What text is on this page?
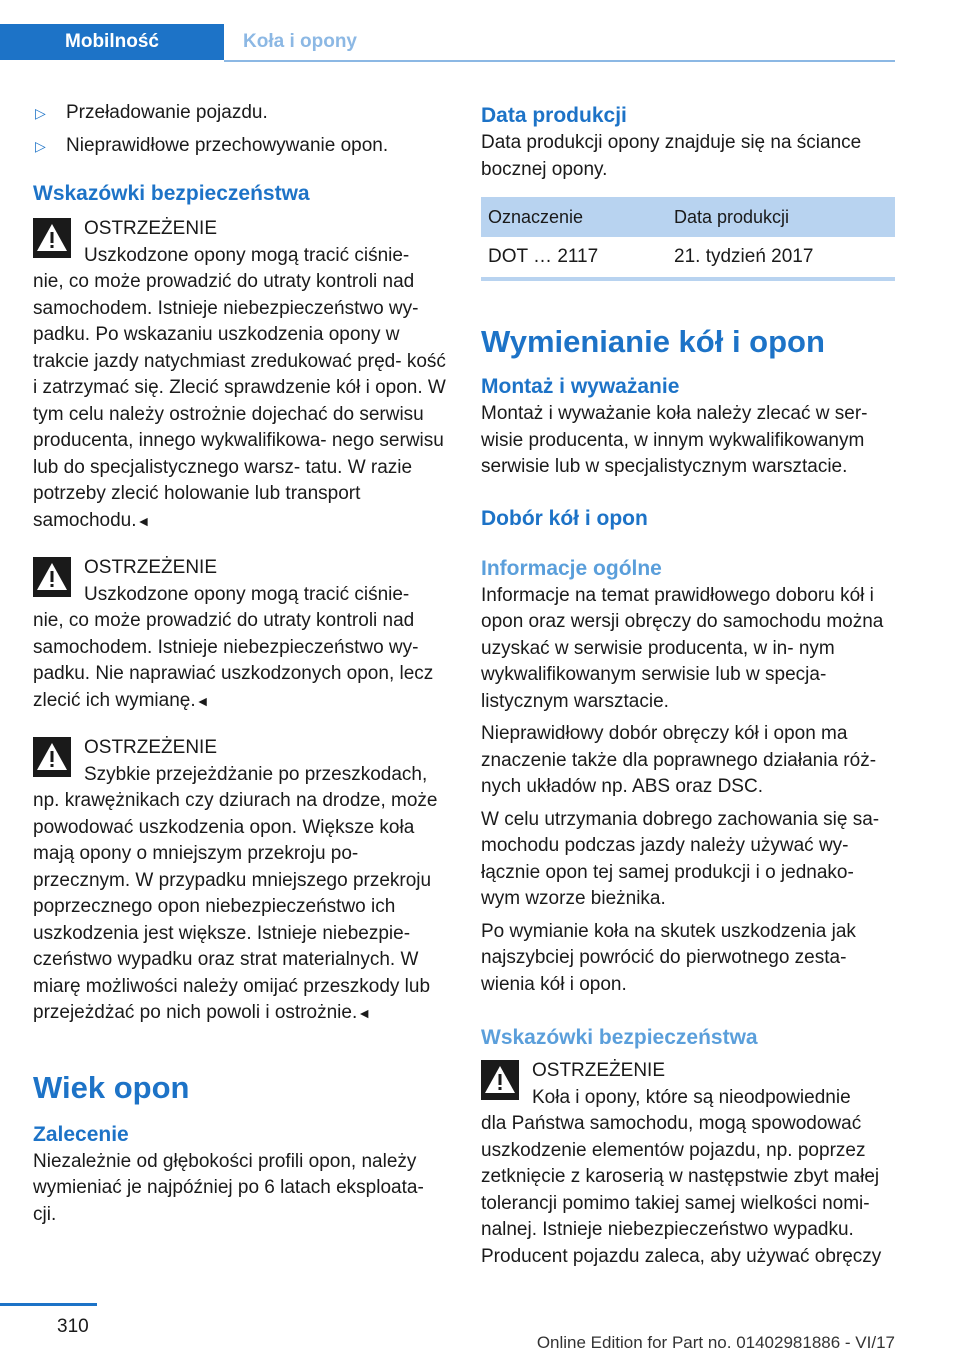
Mobilność	Koła i opony
▷ Przeładowanie pojazdu.
▷ Nieprawidłowe przechowywanie opon.
Wskazówki bezpieczeństwa
OSTRZEŻENIE

Uszkodzone opony mogą tracić ciśnie-

nie, co może prowadzić do utraty kontroli nad samochodem. Istnieje niebezpieczeństwo wy- padku. Po wskazaniu uszkodzenia opony w trakcie jazdy natychmiast zredukować pręd- kość i zatrzymać się. Zlecić sprawdzenie kół i opon. W tym celu należy ostrożnie dojechać do serwisu producenta, innego wykwalifikowa- nego serwisu lub do specjalistycznego warsz- tatu. W razie potrzeby zlecić holowanie lub transport samochodu.◄

OSTRZEŻENIE

Uszkodzone opony mogą tracić ciśnie-

nie, co może prowadzić do utraty kontroli nad samochodem. Istnieje niebezpieczeństwo wy- padku. Nie naprawiać uszkodzonych opon, lecz zlecić ich wymianę.◄

OSTRZEŻENIE

Szybkie przejeżdżanie po przeszkodach,

np. krawężnikach czy dziurach na drodze, może powodować uszkodzenia opon. Większe koła mają opony o mniejszym przekroju po- przecznym. W przypadku mniejszego przekroju poprzecznego opon niebezpieczeństwo ich uszkodzenia jest większe. Istnieje niebezpie- czeństwo wypadku oraz strat materialnych. W miarę możliwości należy omijać przeszkody lub przejeżdżać po nich powoli i ostrożnie.◄

Wiek opon
Zalecenie

Niezależnie od głębokości profili opon, należy wymieniać je najpóźniej po 6 latach eksploata- cji.

Data produkcji

Data produkcji opony znajduje się na ściance bocznej opony.

Oznaczenie	Data produkcji
DOT … 2117	21. tydzień 2017
Wymienianie kół i opon
Montaż i wyważanie

Montaż i wyważanie koła należy zlecać w ser- wisie producenta, w innym wykwalifikowanym serwisie lub w specjalistycznym warsztacie.

Dobór kół i opon
Informacje ogólne

Informacje na temat prawidłowego doboru kół i opon oraz wersji obręczy do samochodu można uzyskać w serwisie producenta, w in- nym wykwalifikowanym serwisie lub w specja- listycznym warsztacie.

Nieprawidłowy dobór obręczy kół i opon ma znaczenie także dla poprawnego działania róż- nych układów np. ABS oraz DSC.

W celu utrzymania dobrego zachowania się sa- mochodu podczas jazdy należy używać wy- łącznie opon tej samej produkcji i o jednako- wym wzorze bieżnika.

Po wymianie koła na skutek uszkodzenia jak najszybciej powrócić do pierwotnego zesta- wienia kół i opon.

Wskazówki bezpieczeństwa
OSTRZEŻENIE

Koła i opony, które są nieodpowiednie

dla Państwa samochodu, mogą spowodować uszkodzenie elementów pojazdu, np. poprzez zetknięcie z karoserią w następstwie zbyt małej tolerancji pomimo takiej samej wielkości nomi- nalnej. Istnieje niebezpieczeństwo wypadku. Producent pojazdu zaleca, aby używać obręczy

310
Online Edition for Part no. 01402981886 - VI/17
